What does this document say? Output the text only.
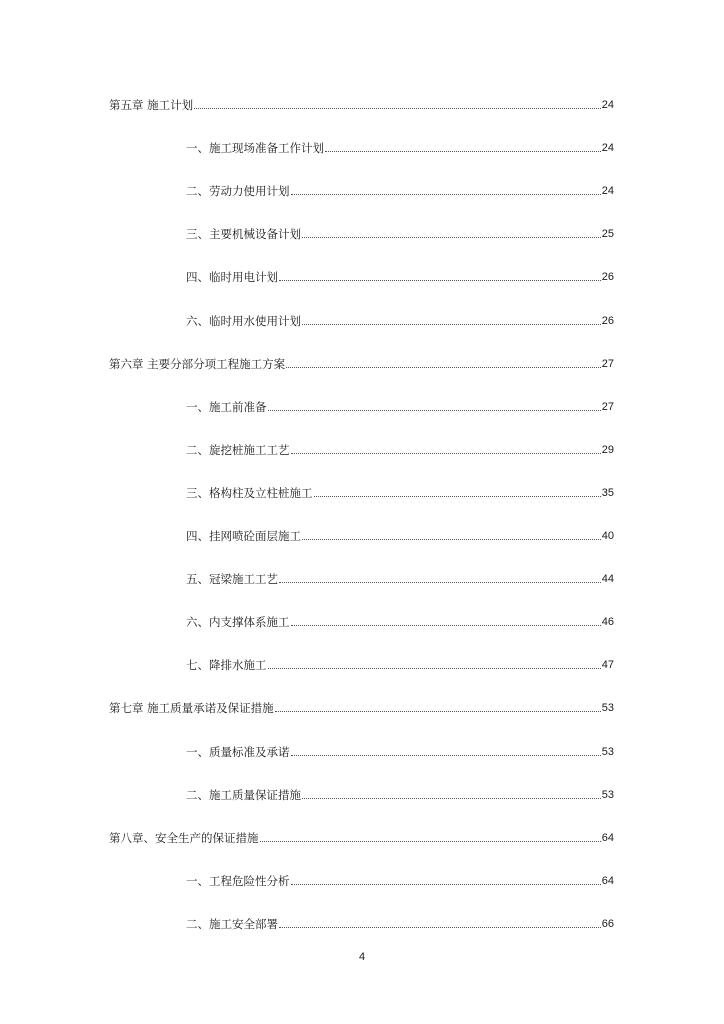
第五章 施工计划	24
一、施工现场准备工作计划	24
二、劳动力使用计划	24
三、主要机械设备计划	25
四、临时用电计划	26
六、临时用水使用计划	26
第六章 主要分部分项工程施工方案	27
一、施工前准备	27
二、旋挖桩施工工艺	29
三、格构柱及立柱桩施工	35
四、挂网喷砼面层施工	40
五、冠梁施工工艺	44
六、内支撑体系施工	46
七、降排水施工	47
第七章 施工质量承诺及保证措施	53
一、质量标准及承诺	53
二、施工质量保证措施	53
第八章、安全生产的保证措施	64
一、工程危险性分析	64
二、施工安全部署	66
4
